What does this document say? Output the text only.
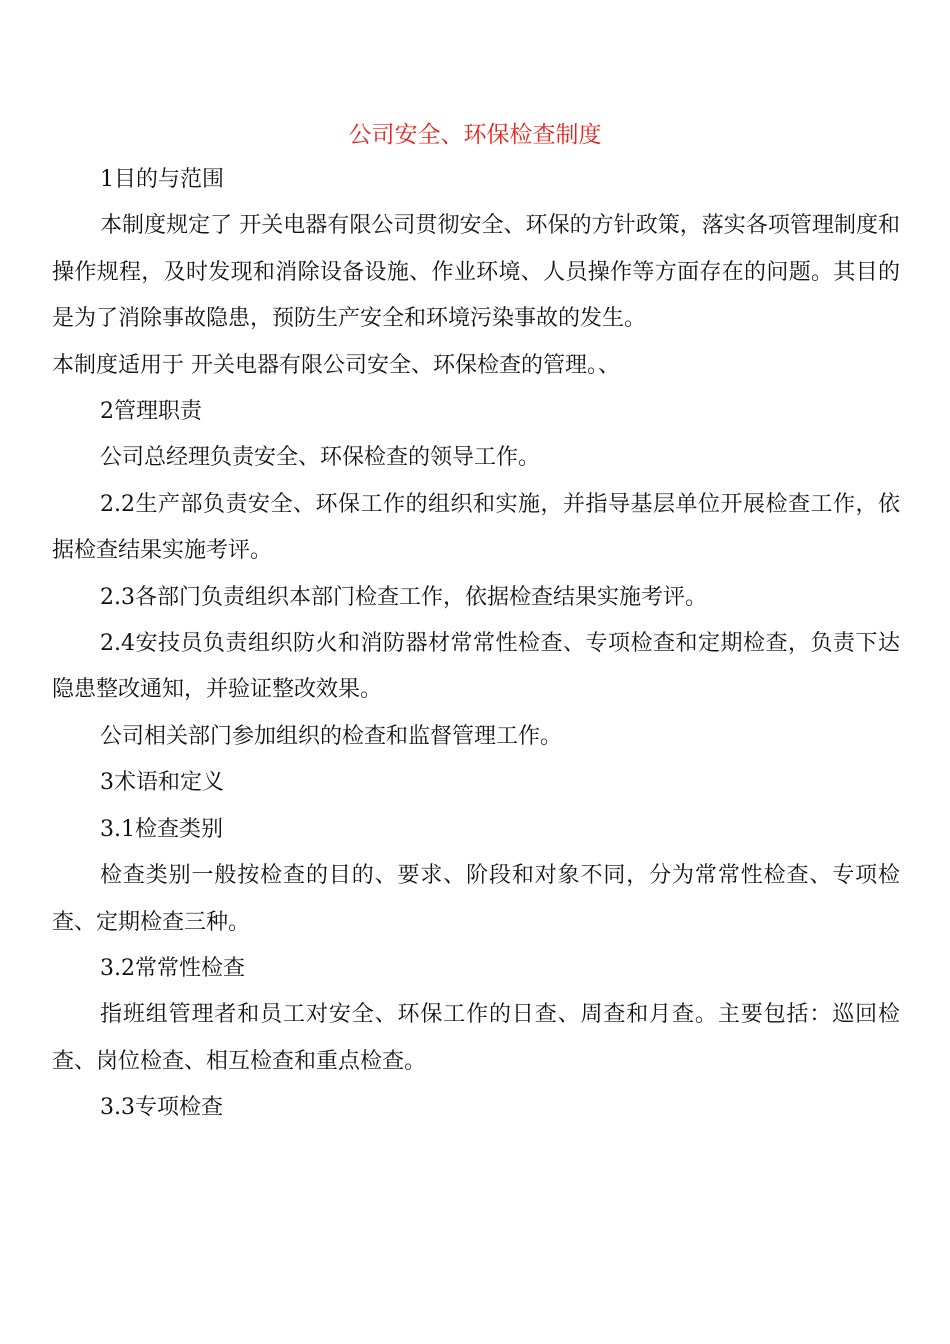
公司安全、环保检查制度

1目的与范围

本制度规定了 开关电器有限公司贯彻安全、环保的方针政策，落实各项管理制度和操作规程，及时发现和消除设备设施、作业环境、人员操作等方面存在的问题。其目的是为了消除事故隐患，预防生产安全和环境污染事故的发生。

本制度适用于 开关电器有限公司安全、环保检查的管理。、

2管理职责

公司总经理负责安全、环保检查的领导工作。

2.2生产部负责安全、环保工作的组织和实施，并指导基层单位开展检查工作，依据检查结果实施考评。

2.3各部门负责组织本部门检查工作，依据检查结果实施考评。

2.4安技员负责组织防火和消防器材常常性检查、专项检查和定期检查，负责下达隐患整改通知，并验证整改效果。

公司相关部门参加组织的检查和监督管理工作。

3术语和定义

3.1检查类别

检查类别一般按检查的目的、要求、阶段和对象不同，分为常常性检查、专项检查、定期检查三种。

3.2常常性检查

指班组管理者和员工对安全、环保工作的日查、周查和月查。主要包括：巡回检查、岗位检查、相互检查和重点检查。

3.3专项检查
